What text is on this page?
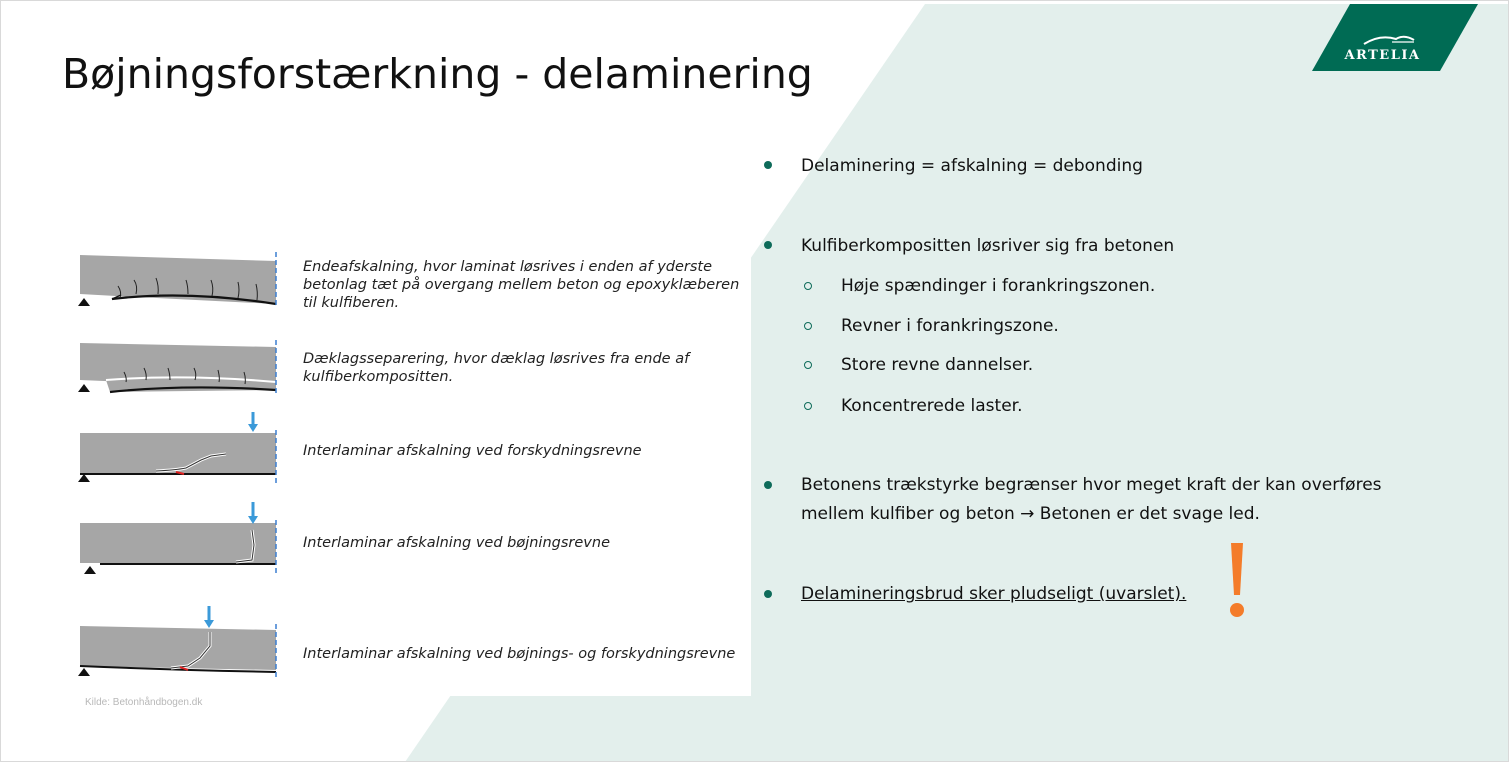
Bøjningsforstærkning - delaminering	ARTELIA
Endeafskalning, hvor laminat løsrives i enden af yderste betonlag tæt på overgang mellem beton og epoxyklæberen til kulfiberen.
Dæklagsseparering, hvor dæklag løsrives fra ende af kulfiberkompositten.
Interlaminar afskalning ved forskydningsrevne
Interlaminar afskalning ved bøjningsrevne
Interlaminar afskalning ved bøjnings- og forskydningsrevne
Kilde: Betonhåndbogen.dk
Delaminering = afskalning = debonding
Kulfiberkompositten løsriver sig fra betonen
Høje spændinger i forankringszonen.
Revner i forankringszone.
Store revne dannelser.
Koncentrerede laster.
Betonens trækstyrke begrænser hvor meget kraft der kan overføres
mellem kulfiber og beton → Betonen er det svage led.
Delamineringsbrud sker pludseligt (uvarslet).
